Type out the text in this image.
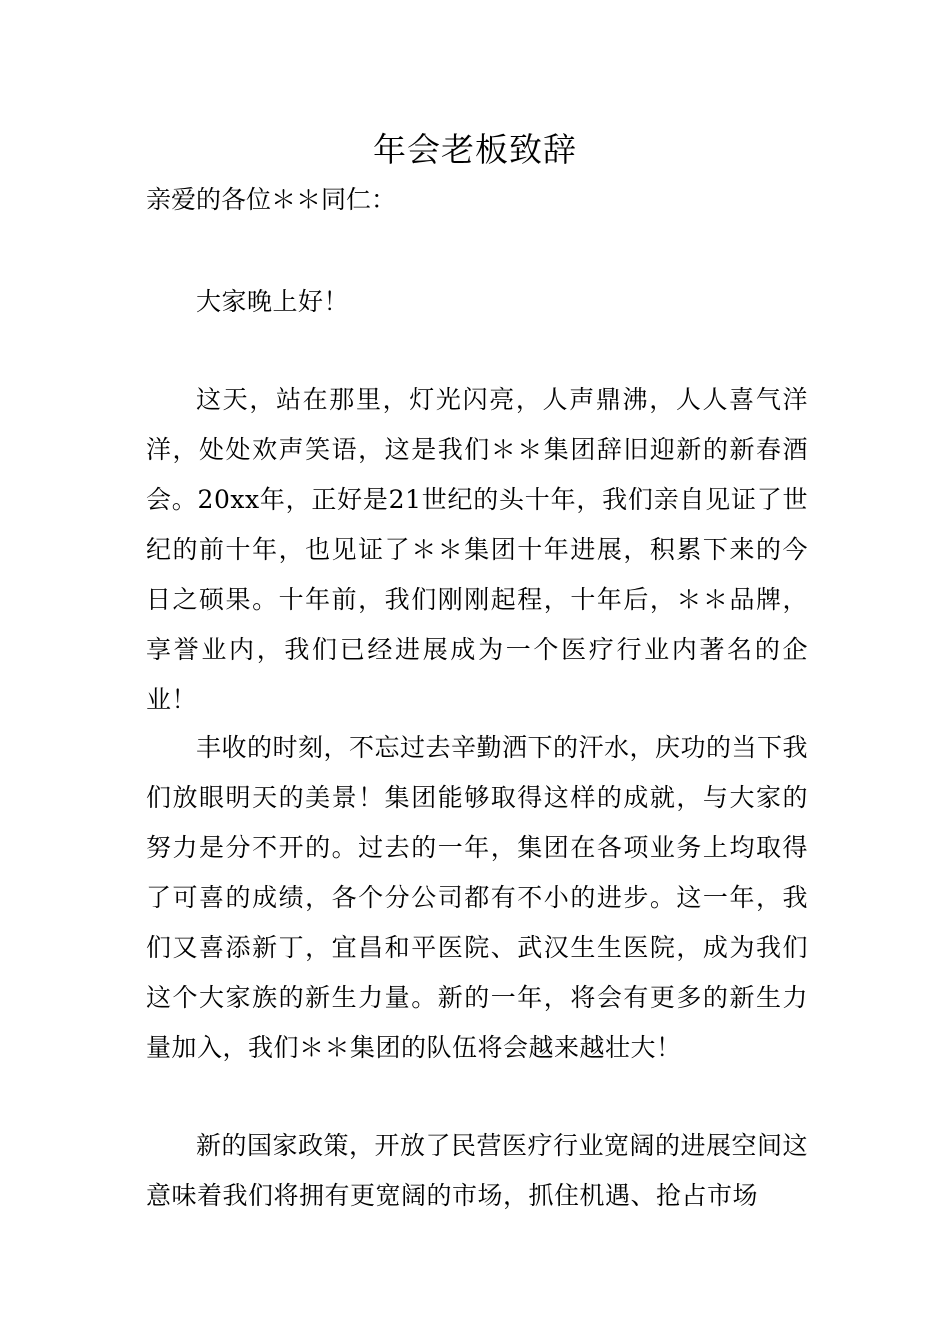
年会老板致辞
亲爱的各位＊＊同仁：

大家晚上好！

这天，站在那里，灯光闪亮，人声鼎沸，人人喜气洋洋，处处欢声笑语，这是我们＊＊集团辞旧迎新的新春酒会。20xx年，正好是21世纪的头十年，我们亲自见证了世纪的前十年，也见证了＊＊集团十年进展，积累下来的今日之硕果。十年前，我们刚刚起程，十年后，＊＊品牌，享誉业内，我们已经进展成为一个医疗行业内著名的企业！

丰收的时刻，不忘过去辛勤洒下的汗水，庆功的当下我们放眼明天的美景！集团能够取得这样的成就，与大家的努力是分不开的。过去的一年，集团在各项业务上均取得了可喜的成绩，各个分公司都有不小的进步。这一年，我们又喜添新丁，宜昌和平医院、武汉生生医院，成为我们这个大家族的新生力量。新的一年，将会有更多的新生力量加入，我们＊＊集团的队伍将会越来越壮大！

新的国家政策，开放了民营医疗行业宽阔的进展空间这意味着我们将拥有更宽阔的市场，抓住机遇、抢占市场
